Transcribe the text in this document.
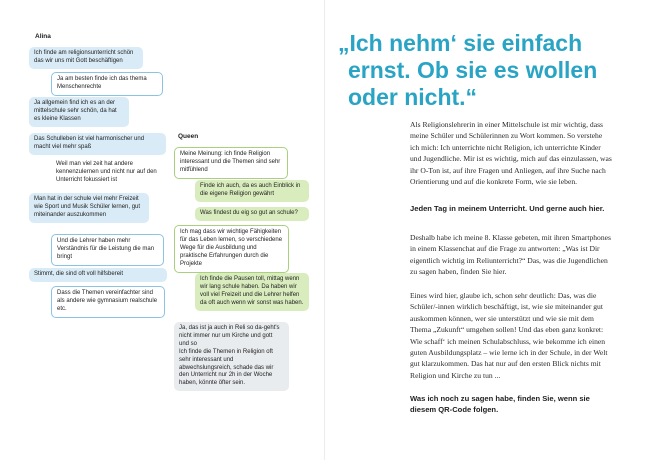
Alina
Ich finde am religionsunterricht schön das wir uns mit Gott beschäftigen
Ja am besten finde ich das thema Menschenrechte
Ja allgemein find ich es an der mittelschule sehr schön, da hat es kleine Klassen
Das Schulleben ist viel harmonischer und macht viel mehr spaß
Weil man viel zeit hat andere kennenzulernen und nicht nur auf den Unterricht fokussiert ist
Man hat in der schule viel mehr Freizeit wie Sport und Musik Schüler lernen, gut miteinander auszukommen
Und die Lehrer haben mehr Verständnis für die Leistung die man bringt
Stimmt, die sind oft voll hilfsbereit
Dass die Themen vereinfachter sind als andere wie gymnasium realschule etc.
Queen
Meine Meinung: ich finde Religion interessant und die Themen sind sehr mitfühlend
Finde ich auch, da es auch Einblick in die eigene Religion gewährt
Was findest du eig so gut an schule?
Ich mag dass wir wichtige Fähigkeiten für das Leben lernen, so verschiedene Wege für die Ausbildung und praktische Erfahrungen durch die Projekte
Ich finde die Pausen toll, mittag wenn wir lang schule haben. Da haben wir voll viel Freizeit und die Lehrer helfen da oft auch wenn wir sonst was haben.
Ja, das ist ja auch in Reli so da-geht's nicht immer nur um Kirche und gott und so
Ich finde die Themen in Religion oft sehr interessant und abwechslungsreich, schade das wir den Unterricht nur 2h in der Woche haben, könnte öfter sein.
„Ich nehm‘ sie einfach
ernst. Ob sie es wollen
oder nicht.“
Als Religionslehrerin in einer Mittelschule ist mir wichtig, dass meine Schüler und Schülerinnen zu Wort kommen. So verstehe ich mich: Ich unterrichte nicht Religion, ich unterrichte Kinder und Jugendliche. Mir ist es wichtig, mich auf das einzulassen, was ihr O-Ton ist, auf ihre Fragen und Anliegen, auf ihre Suche nach Orientierung und auf die konkrete Form, wie sie leben.
Jeden Tag in meinem Unterricht. Und gerne auch hier.
Deshalb habe ich meine 8. Klasse gebeten, mit ihren Smartphones in einem Klassenchat auf die Frage zu antworten: „Was ist Dir eigentlich wichtig im Reliunterricht?“ Das, was die Jugendlichen zu sagen haben, finden Sie hier.
Eines wird hier, glaube ich, schon sehr deutlich: Das, was die Schüler/-innen wirklich beschäftigt, ist, wie sie miteinander gut auskommen können, wer sie unterstützt und wie sie mit dem Thema „Zukunft“ umgehen sollen! Und das eben ganz konkret: Wie schaff‘ ich meinen Schulabschluss, wie bekomme ich einen guten Ausbildungsplatz – wie lerne ich in der Schule, in der Welt gut klarzukommen. Das hat nur auf den ersten Blick nichts mit Religion und Kirche zu tun ...
Was ich noch zu sagen habe, finden Sie, wenn sie diesem QR-Code folgen.
